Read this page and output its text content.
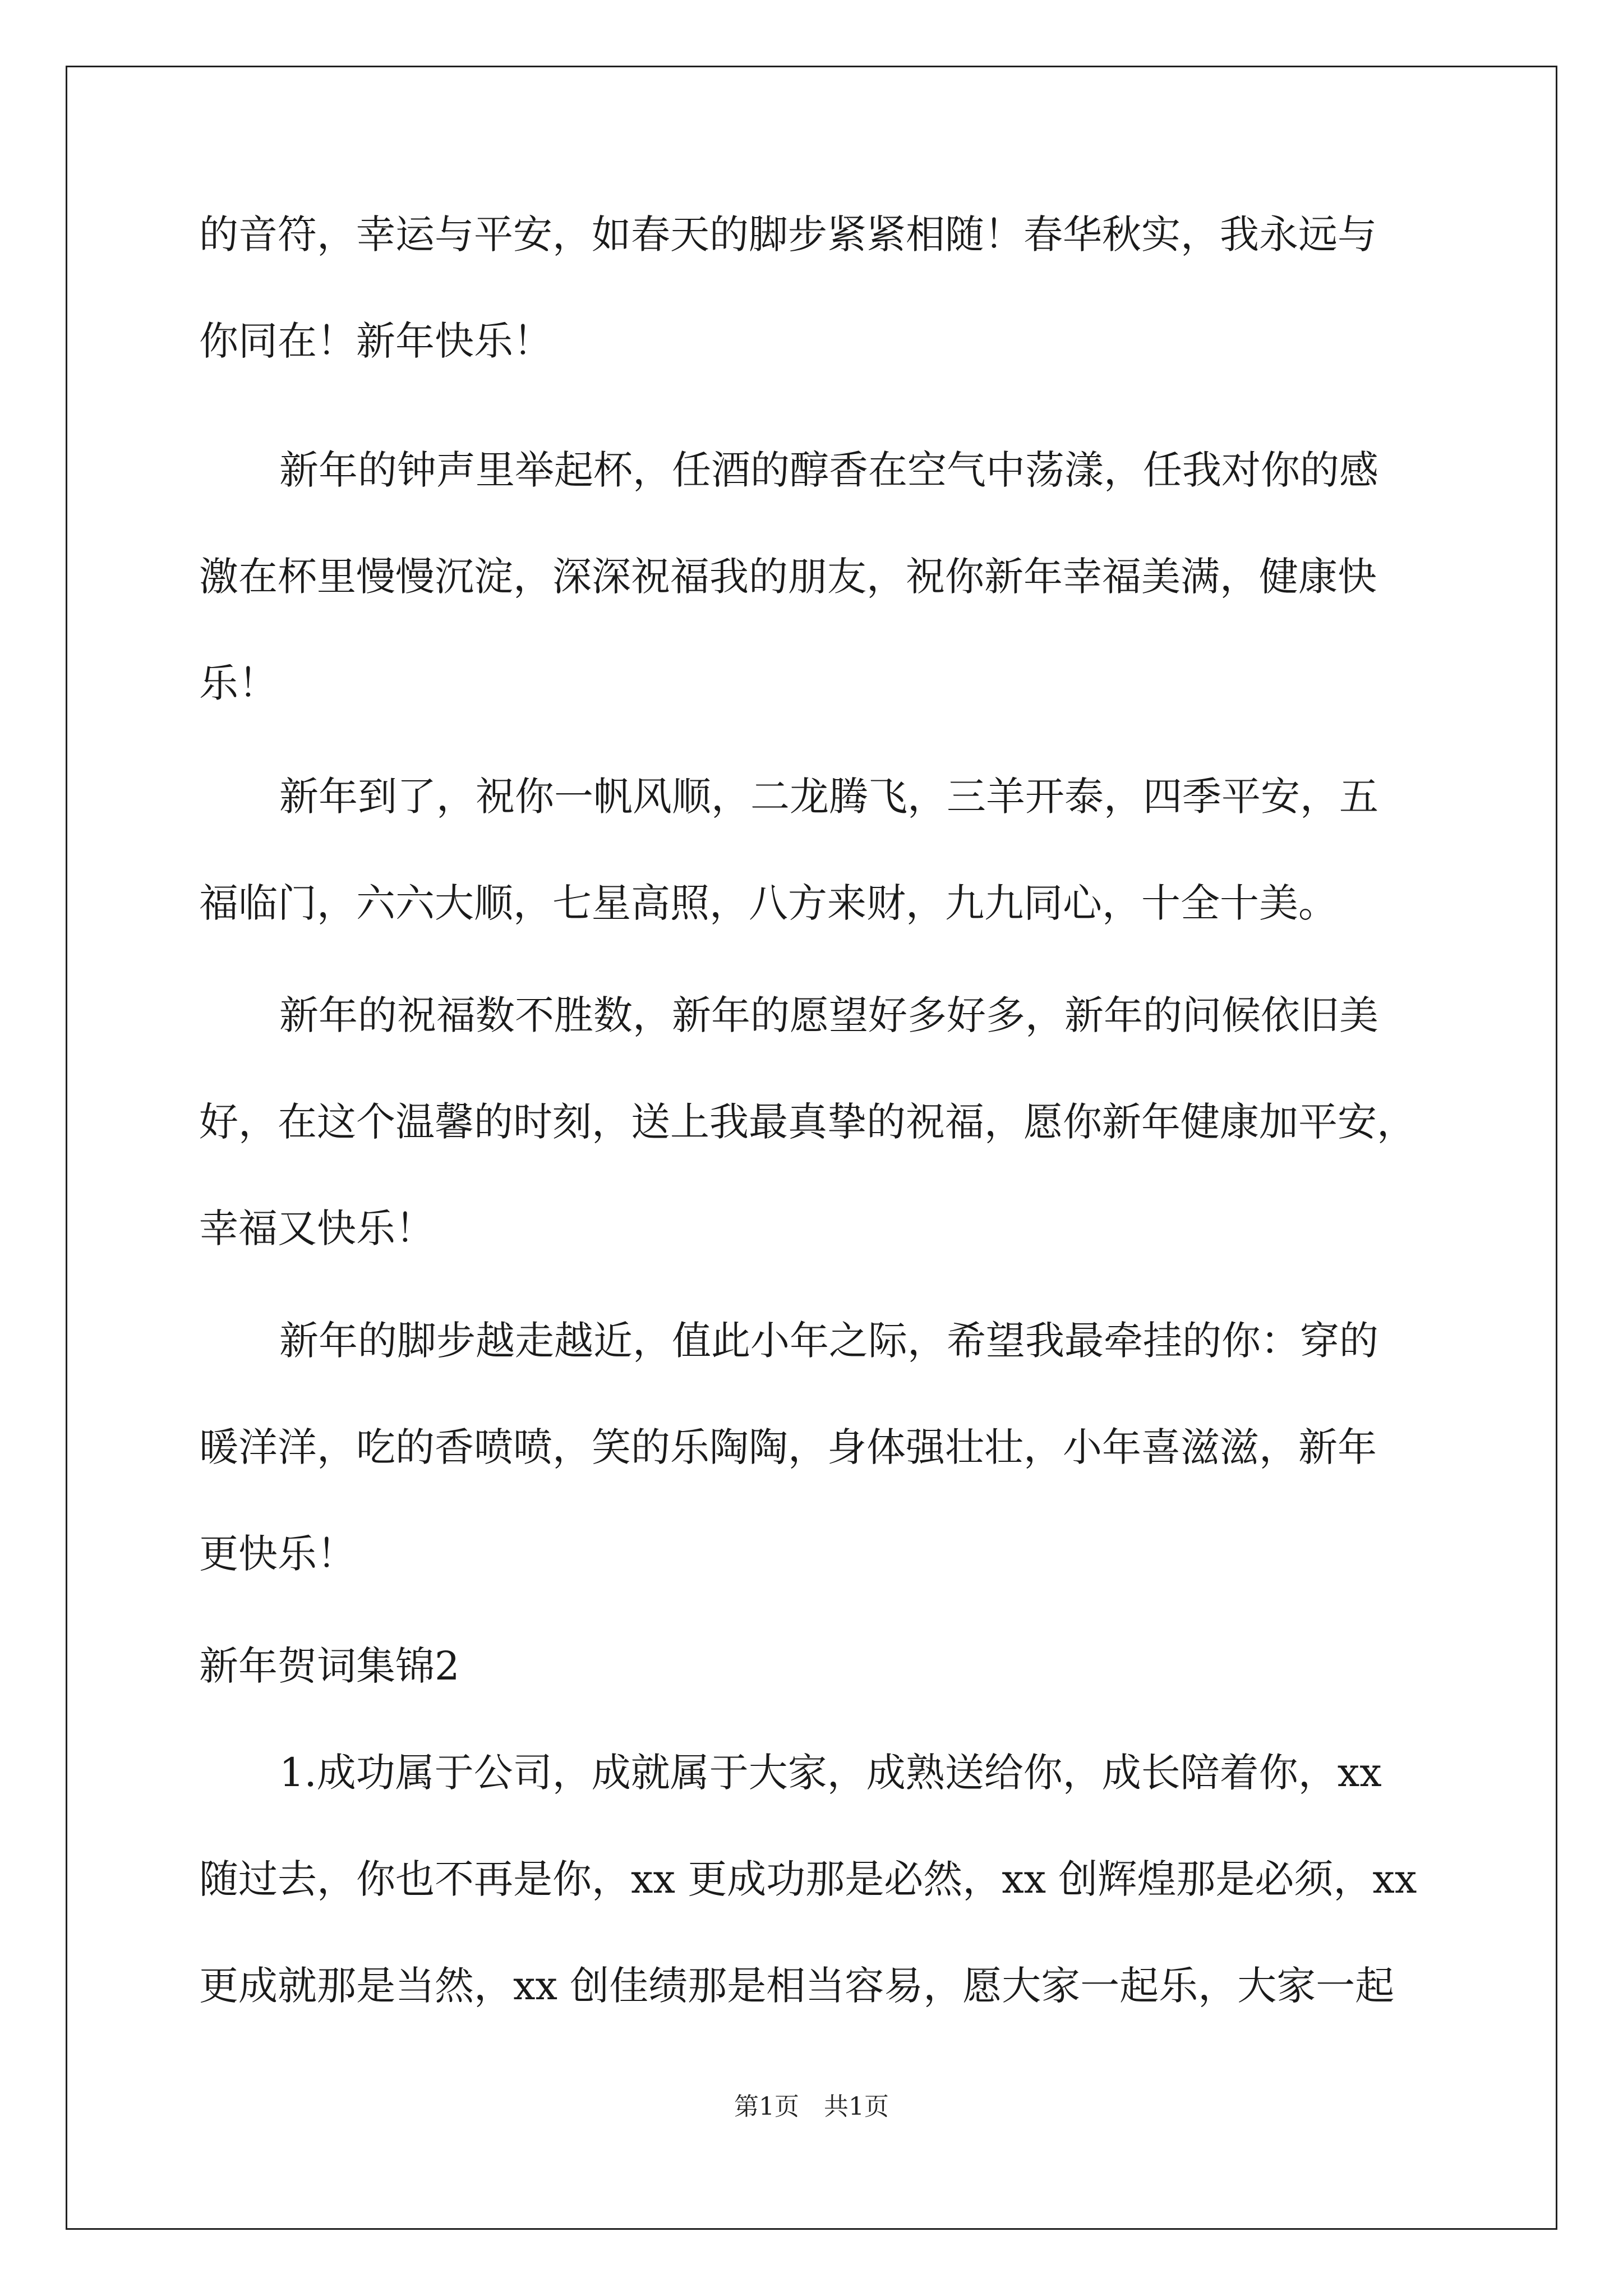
的音符，幸运与平安，如春天的脚步紧紧相随！春华秋实，我永远与
你同在！新年快乐！
新年的钟声里举起杯，任酒的醇香在空气中荡漾，任我对你的感
激在杯里慢慢沉淀，深深祝福我的朋友，祝你新年幸福美满，健康快
乐！
新年到了，祝你一帆风顺，二龙腾飞，三羊开泰，四季平安，五
福临门，六六大顺，七星高照，八方来财，九九同心，十全十美。
新年的祝福数不胜数，新年的愿望好多好多，新年的问候依旧美
好，在这个温馨的时刻，送上我最真挚的祝福，愿你新年健康加平安，
幸福又快乐！
新年的脚步越走越近，值此小年之际，希望我最牵挂的你：穿的
暖洋洋，吃的香喷喷，笑的乐陶陶，身体强壮壮，小年喜滋滋，新年
更快乐！
新年贺词集锦2
1.成功属于公司，成就属于大家，成熟送给你，成长陪着你，xx
随过去，你也不再是你，xx 更成功那是必然，xx 创辉煌那是必须，xx
更成就那是当然，xx 创佳绩那是相当容易，愿大家一起乐，大家一起
第1页　共1页
